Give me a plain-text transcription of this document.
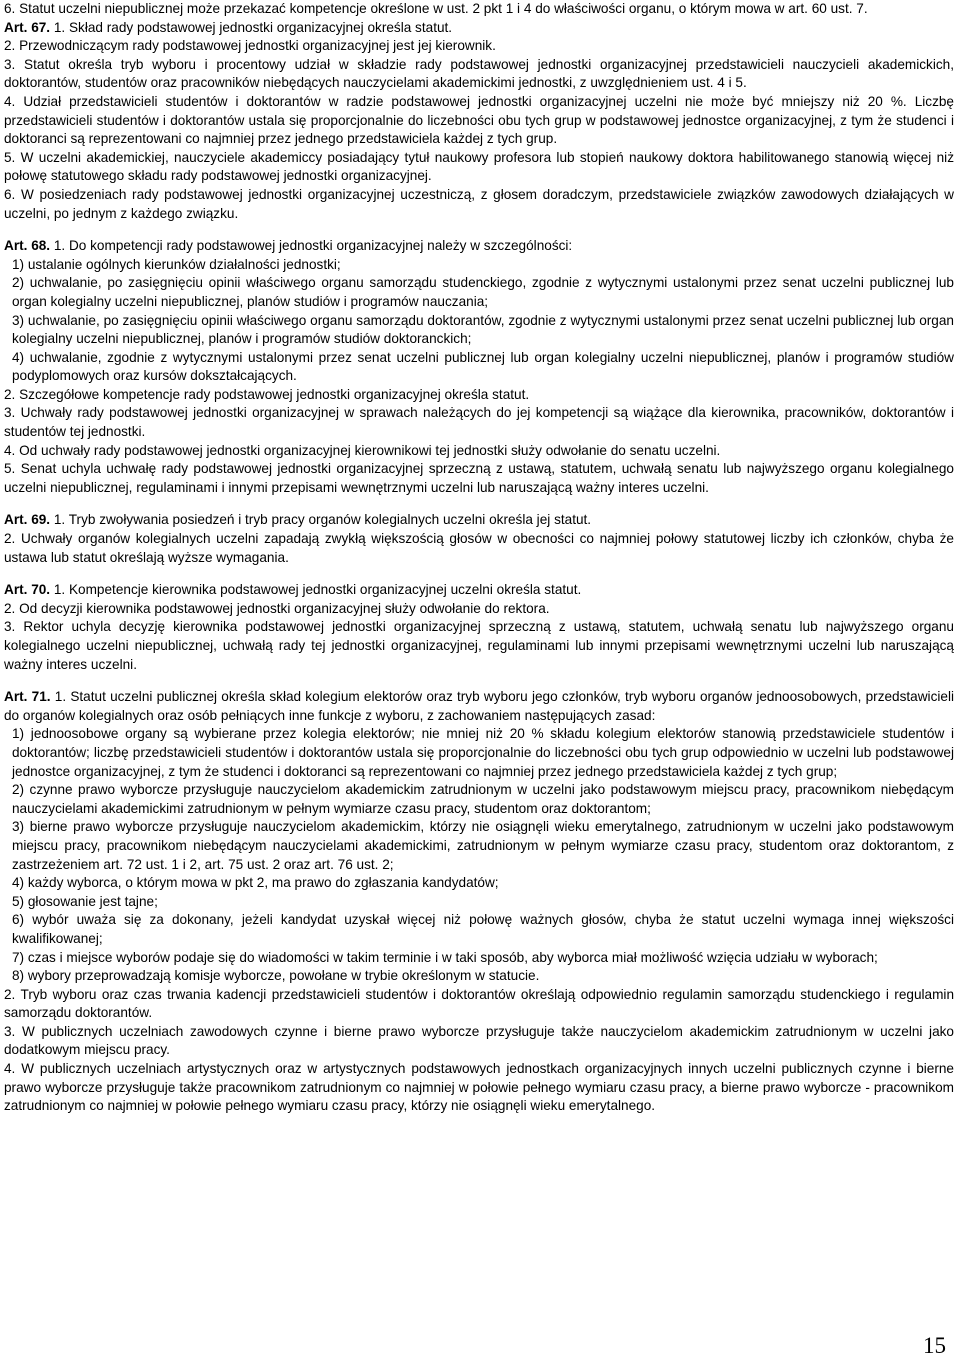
6. Statut uczelni niepublicznej może przekazać kompetencje określone w ust. 2 pkt 1 i 4 do właściwości organu, o którym mowa w art. 60 ust. 7.

Art. 67. 1. Skład rady podstawowej jednostki organizacyjnej określa statut.

2. Przewodniczącym rady podstawowej jednostki organizacyjnej jest jej kierownik.

3. Statut określa tryb wyboru i procentowy udział w składzie rady podstawowej jednostki organizacyjnej przedstawicieli nauczycieli akademickich, doktorantów, studentów oraz pracowników niebędących nauczycielami akademickimi jednostki, z uwzględnieniem ust. 4 i 5.

4. Udział przedstawicieli studentów i doktorantów w radzie podstawowej jednostki organizacyjnej uczelni nie może być mniejszy niż 20 %. Liczbę przedstawicieli studentów i doktorantów ustala się proporcjonalnie do liczebności obu tych grup w podstawowej jednostce organizacyjnej, z tym że studenci i doktoranci są reprezentowani co najmniej przez jednego przedstawiciela każdej z tych grup.

5. W uczelni akademickiej, nauczyciele akademiccy posiadający tytuł naukowy profesora lub stopień naukowy doktora habilitowanego stanowią więcej niż połowę statutowego składu rady podstawowej jednostki organizacyjnej.

6. W posiedzeniach rady podstawowej jednostki organizacyjnej uczestniczą, z głosem doradczym, przedstawiciele związków zawodowych działających w uczelni, po jednym z każdego związku.

Art. 68. 1. Do kompetencji rady podstawowej jednostki organizacyjnej należy w szczególności:

1) ustalanie ogólnych kierunków działalności jednostki;

2) uchwalanie, po zasięgnięciu opinii właściwego organu samorządu studenckiego, zgodnie z wytycznymi ustalonymi przez senat uczelni publicznej lub organ kolegialny uczelni niepublicznej, planów studiów i programów nauczania;

3) uchwalanie, po zasięgnięciu opinii właściwego organu samorządu doktorantów, zgodnie z wytycznymi ustalonymi przez senat uczelni publicznej lub organ kolegialny uczelni niepublicznej, planów i programów studiów doktoranckich;

4) uchwalanie, zgodnie z wytycznymi ustalonymi przez senat uczelni publicznej lub organ kolegialny uczelni niepublicznej, planów i programów studiów podyplomowych oraz kursów dokształcających.

2. Szczegółowe kompetencje rady podstawowej jednostki organizacyjnej określa statut.

3. Uchwały rady podstawowej jednostki organizacyjnej w sprawach należących do jej kompetencji są wiążące dla kierownika, pracowników, doktorantów i studentów tej jednostki.

4. Od uchwały rady podstawowej jednostki organizacyjnej kierownikowi tej jednostki służy odwołanie do senatu uczelni.

5. Senat uchyla uchwałę rady podstawowej jednostki organizacyjnej sprzeczną z ustawą, statutem, uchwałą senatu lub najwyższego organu kolegialnego uczelni niepublicznej, regulaminami i innymi przepisami wewnętrznymi uczelni lub naruszającą ważny interes uczelni.

Art. 69. 1. Tryb zwoływania posiedzeń i tryb pracy organów kolegialnych uczelni określa jej statut.

2. Uchwały organów kolegialnych uczelni zapadają zwykłą większością głosów w obecności co najmniej połowy statutowej liczby ich członków, chyba że ustawa lub statut określają wyższe wymagania.

Art. 70. 1. Kompetencje kierownika podstawowej jednostki organizacyjnej uczelni określa statut.

2. Od decyzji kierownika podstawowej jednostki organizacyjnej służy odwołanie do rektora.

3. Rektor uchyla decyzję kierownika podstawowej jednostki organizacyjnej sprzeczną z ustawą, statutem, uchwałą senatu lub najwyższego organu kolegialnego uczelni niepublicznej, uchwałą rady tej jednostki organizacyjnej, regulaminami lub innymi przepisami wewnętrznymi uczelni lub naruszającą ważny interes uczelni.

Art. 71. 1. Statut uczelni publicznej określa skład kolegium elektorów oraz tryb wyboru jego członków, tryb wyboru organów jednoosobowych, przedstawicieli do organów kolegialnych oraz osób pełniących inne funkcje z wyboru, z zachowaniem następujących zasad:

1) jednoosobowe organy są wybierane przez kolegia elektorów; nie mniej niż 20 % składu kolegium elektorów stanowią przedstawiciele studentów i doktorantów; liczbę przedstawicieli studentów i doktorantów ustala się proporcjonalnie do liczebności obu tych grup odpowiednio w uczelni lub podstawowej jednostce organizacyjnej, z tym że studenci i doktoranci są reprezentowani co najmniej przez jednego przedstawiciela każdej z tych grup;

2) czynne prawo wyborcze przysługuje nauczycielom akademickim zatrudnionym w uczelni jako podstawowym miejscu pracy, pracownikom niebędącym nauczycielami akademickimi zatrudnionym w pełnym wymiarze czasu pracy, studentom oraz doktorantom;

3) bierne prawo wyborcze przysługuje nauczycielom akademickim, którzy nie osiągnęli wieku emerytalnego, zatrudnionym w uczelni jako podstawowym miejscu pracy, pracownikom niebędącym nauczycielami akademickimi, zatrudnionym w pełnym wymiarze czasu pracy, studentom oraz doktorantom, z zastrzeżeniem art. 72 ust. 1 i 2, art. 75 ust. 2 oraz art. 76 ust. 2;

4) każdy wyborca, o którym mowa w pkt 2, ma prawo do zgłaszania kandydatów;

5) głosowanie jest tajne;

6) wybór uważa się za dokonany, jeżeli kandydat uzyskał więcej niż połowę ważnych głosów, chyba że statut uczelni wymaga innej większości kwalifikowanej;

7) czas i miejsce wyborów podaje się do wiadomości w takim terminie i w taki sposób, aby wyborca miał możliwość wzięcia udziału w wyborach;

8) wybory przeprowadzają komisje wyborcze, powołane w trybie określonym w statucie.

2. Tryb wyboru oraz czas trwania kadencji przedstawicieli studentów i doktorantów określają odpowiednio regulamin samorządu studenckiego i regulamin samorządu doktorantów.

3. W publicznych uczelniach zawodowych czynne i bierne prawo wyborcze przysługuje także nauczycielom akademickim zatrudnionym w uczelni jako dodatkowym miejscu pracy.

4. W publicznych uczelniach artystycznych oraz w artystycznych podstawowych jednostkach organizacyjnych innych uczelni publicznych czynne i bierne prawo wyborcze przysługuje także pracownikom zatrudnionym co najmniej w połowie pełnego wymiaru czasu pracy, a bierne prawo wyborcze - pracownikom zatrudnionym co najmniej w połowie pełnego wymiaru czasu pracy, którzy nie osiągnęli wieku emerytalnego.

15
